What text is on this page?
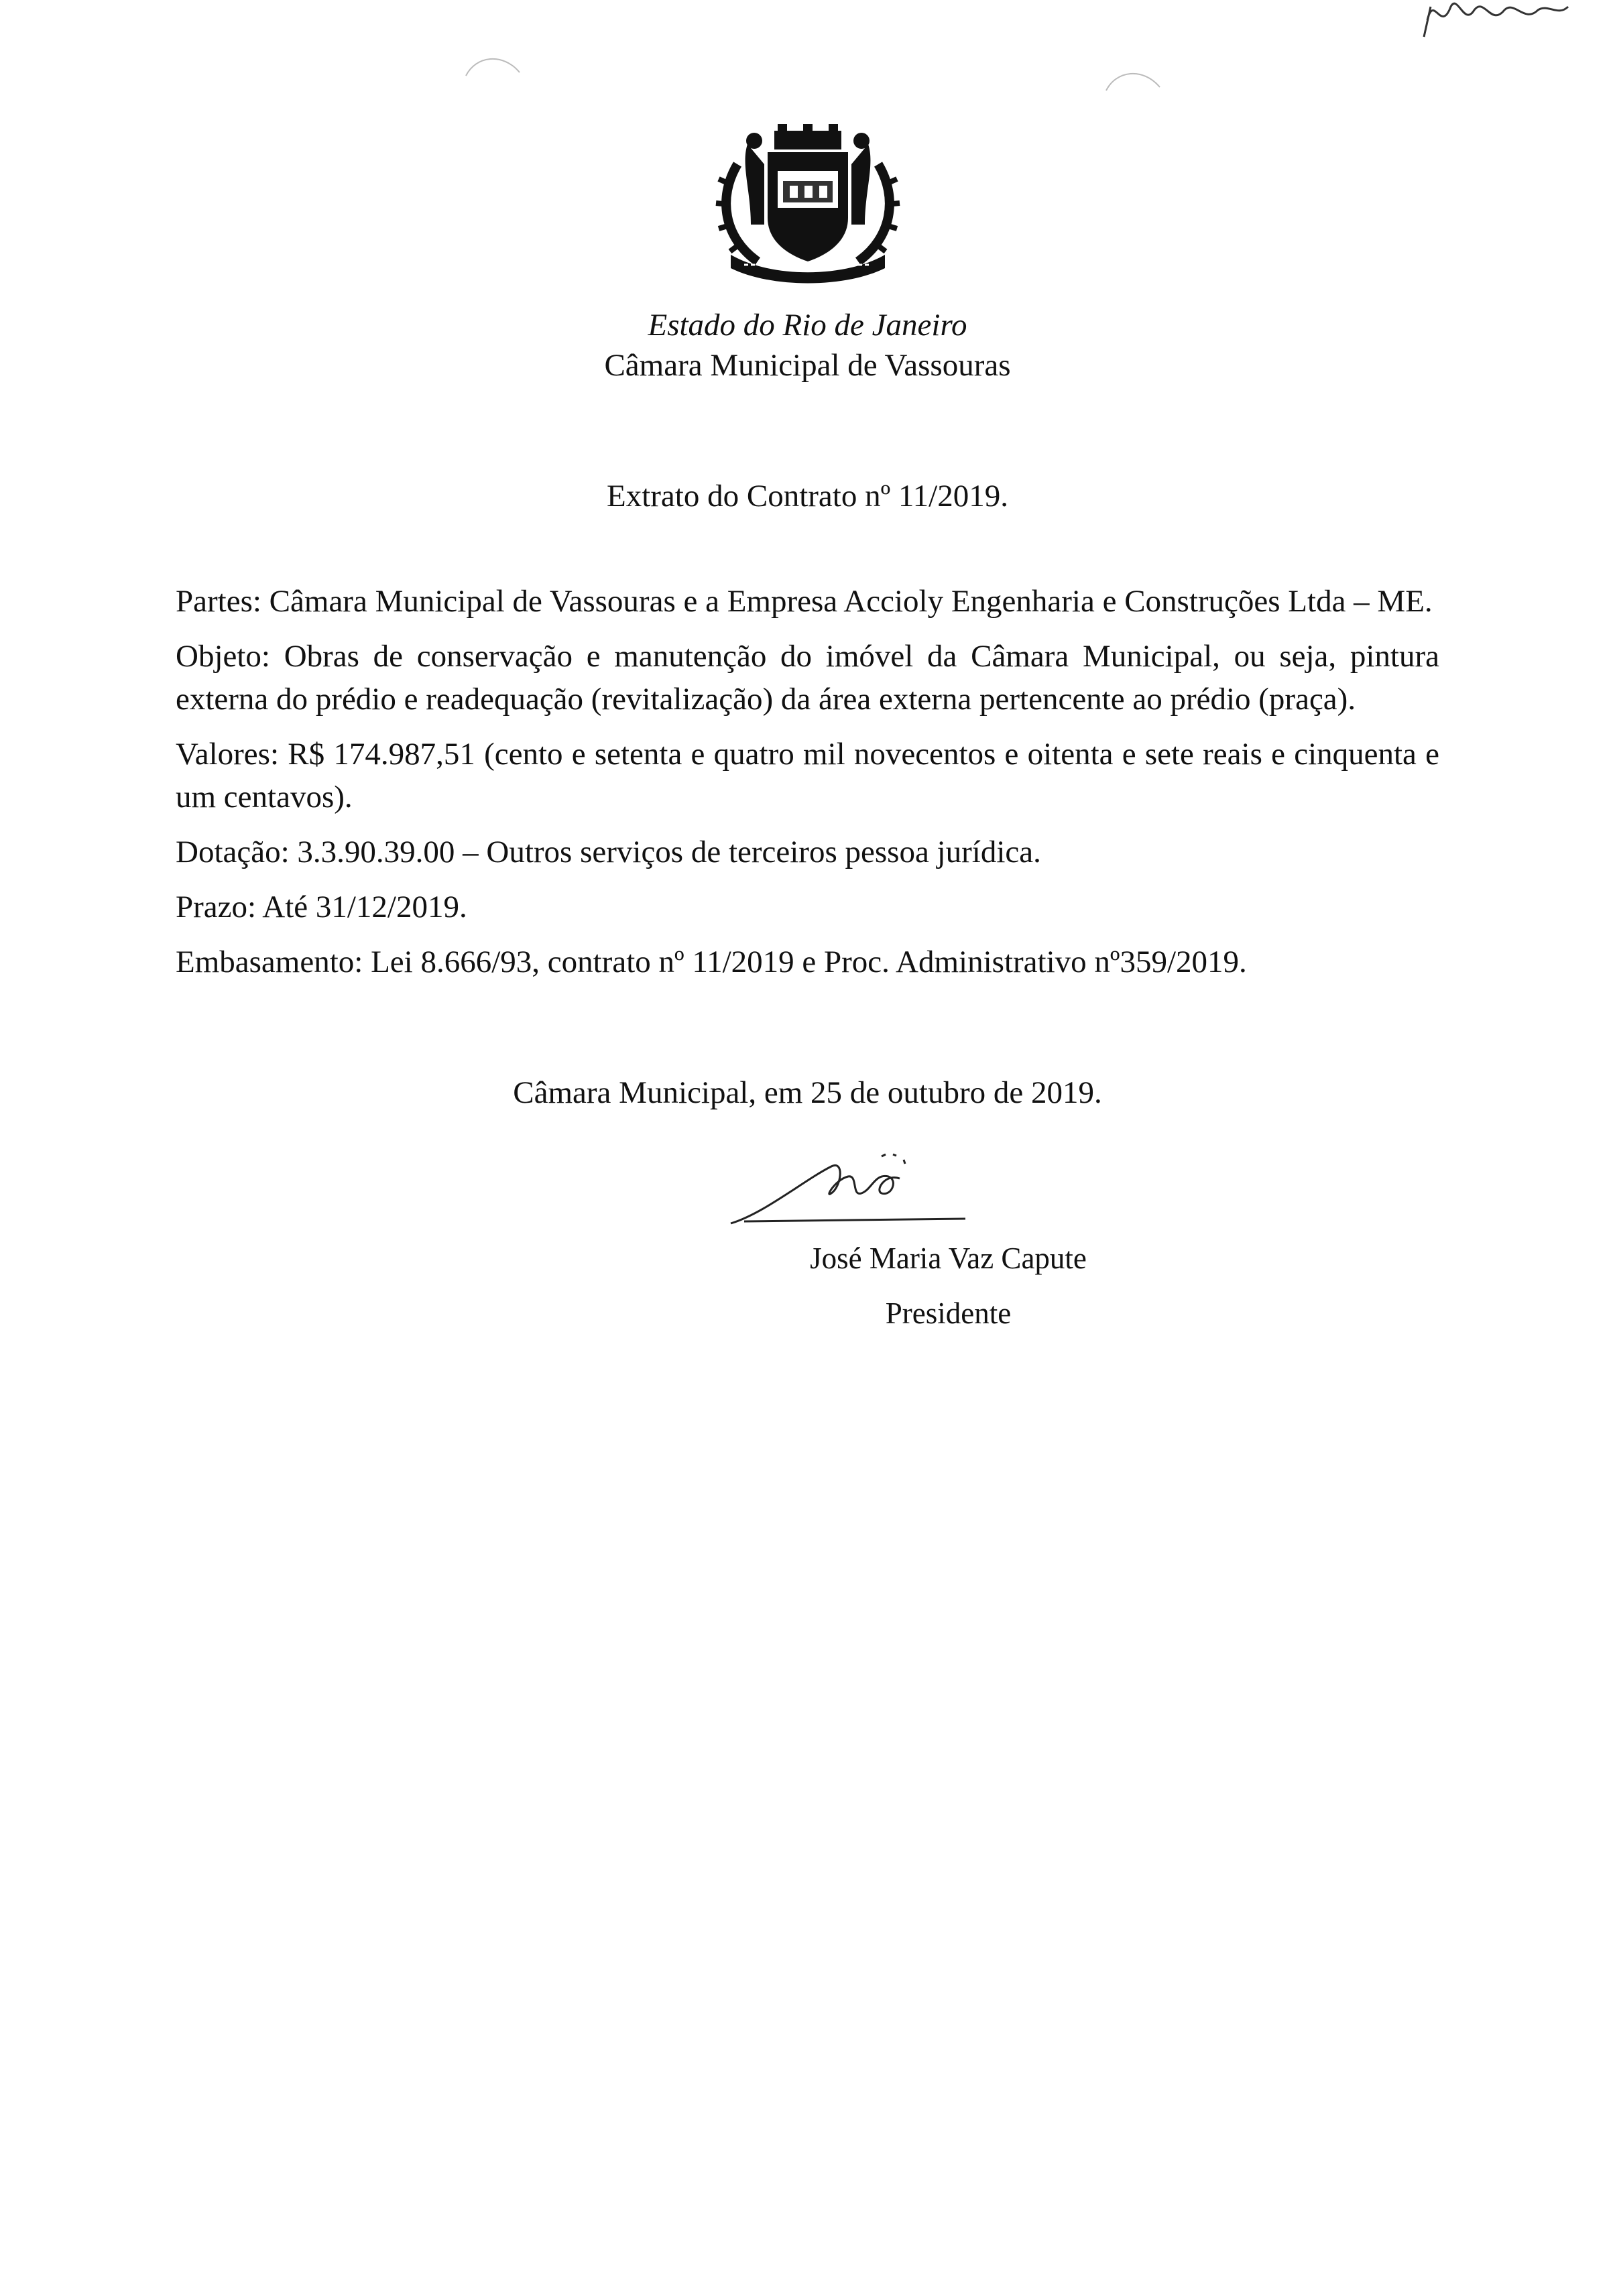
Estado do Rio de Janeiro
Câmara Municipal de Vassouras
Extrato do Contrato nº 11/2019.

Partes: Câmara Municipal de Vassouras e a Empresa Accioly Engenharia e Construções Ltda – ME.

Objeto: Obras de conservação e manutenção do imóvel da Câmara Municipal, ou seja, pintura externa do prédio e readequação (revitalização) da área externa pertencente ao prédio (praça).

Valores: R$ 174.987,51 (cento e setenta e quatro mil novecentos e oitenta e sete reais e cinquenta e um centavos).

Dotação: 3.3.90.39.00 – Outros serviços de terceiros pessoa jurídica.

Prazo: Até 31/12/2019.

Embasamento: Lei 8.666/93, contrato nº 11/2019 e Proc. Administrativo nº359/2019.

Câmara Municipal, em 25 de outubro de 2019.
José Maria Vaz Capute
Presidente
